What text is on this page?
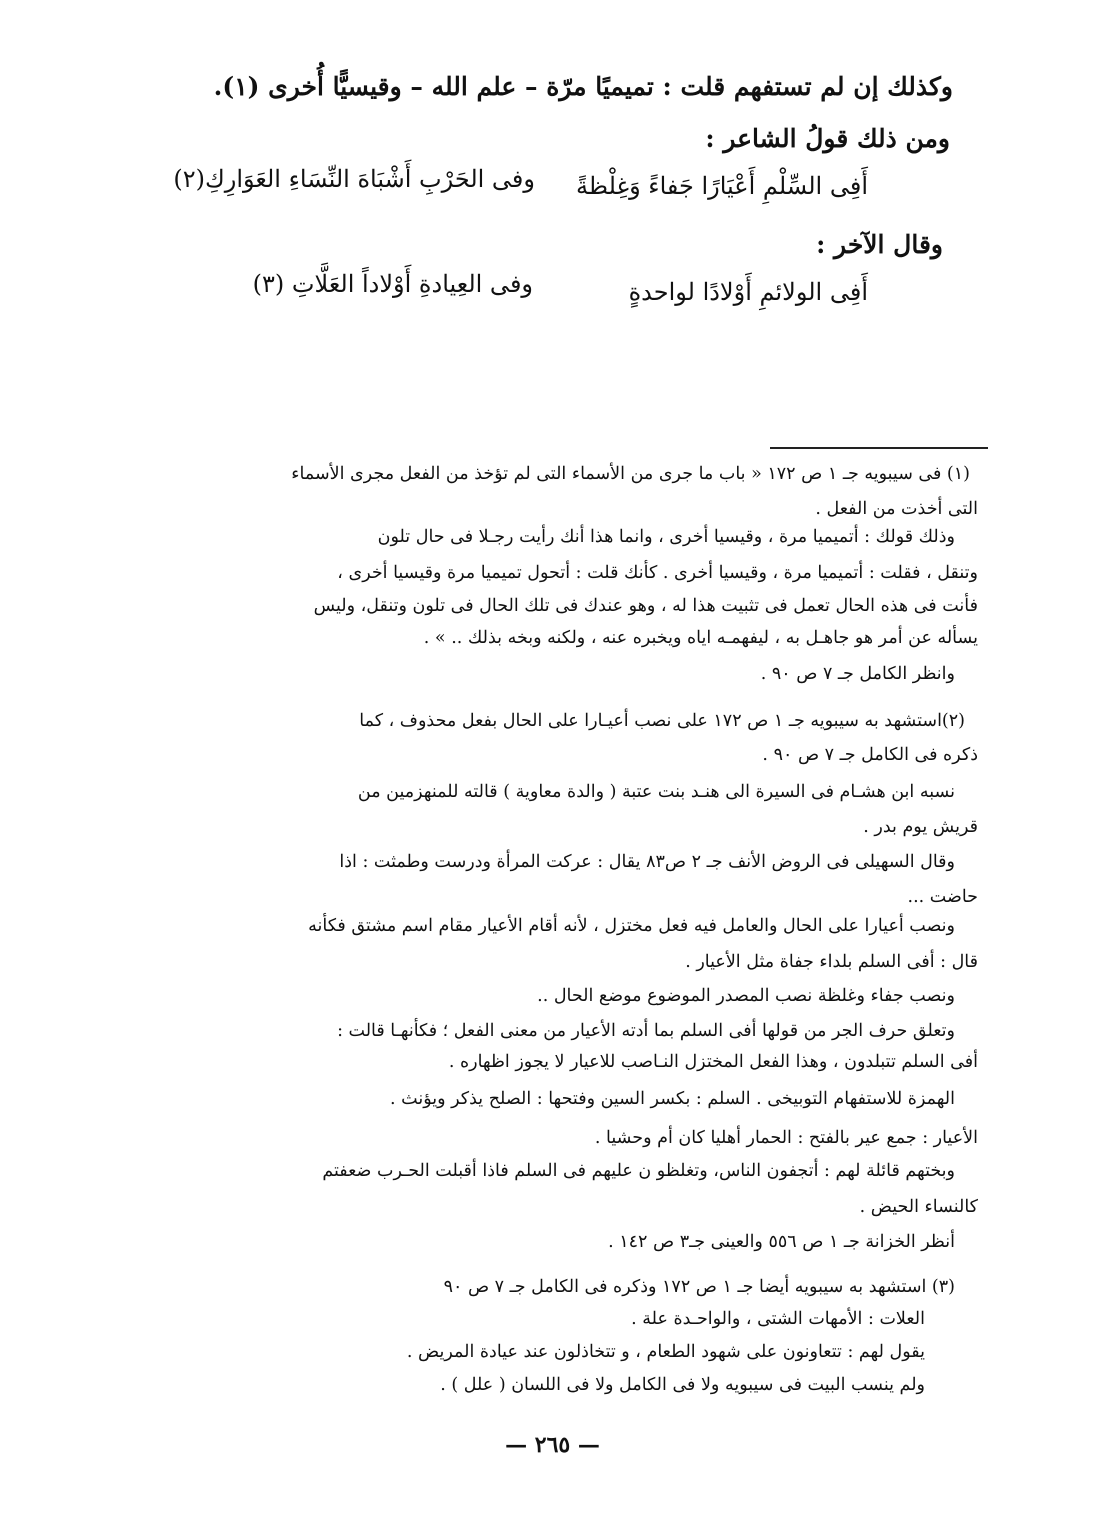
وكذلك إن لم تستفهم قلت : تميميًا مرّة – علم الله – وقيسيًّا أُخرى (١).
ومن ذلك قولُ الشاعر :
أَفِى السِّلْمِ أَعْيَارًا جَفاءً وَغِلْظةً
وفى الحَرْبِ أَشْبَاهَ النِّسَاءِ العَوَارِكِ(٢)
وقال الآخر :
أَفِى الولائمِ أَوْلادًا لواحدةٍ
وفى العِيادةِ أَوْلاداً العَلَّاتِ (٣)
(١) فى سيبويه جـ ١ ص ١٧٢ « باب ما جرى من الأسماء التى لم تؤخذ من الفعل مجرى الأسماء
التى أخذت من الفعل .
وذلك قولك : أتميميا مرة ، وقيسيا أخرى ، وانما هذا أنك رأيت رجـلا فى حال تلون
وتنقل ، فقلت : أتميميا مرة ، وقيسيا أخرى . كأنك قلت : أتحول تميميا مرة وقيسيا أخرى ،
فأنت فى هذه الحال تعمل فى تثبيت هذا له ، وهو عندك فى تلك الحال فى تلون وتنقل، وليس
يسأله عن أمر هو جاهـل به ، ليفهمـه اياه ويخبره عنه ، ولكنه وبخه بذلك .. » .
وانظر الكامل جـ ٧ ص ٩٠ .
(٢)استشهد به سيبويه جـ ١ ص ١٧٢ على نصب أعيـارا على الحال بفعل محذوف ، كما
ذكره فى الكامل جـ ٧ ص ٩٠ .
نسبه ابن هشـام فى السيرة الى هنـد بنت عتبة ( والدة معاوية ) قالته للمنهزمين من
قريش يوم بدر .
وقال السهيلى فى الروض الأنف جـ ٢ ص٨٣ يقال : عركت المرأة ودرست وطمثت : اذا
حاضت ...
ونصب أعيارا على الحال والعامل فيه فعل مختزل ، لأنه أقام الأعيار مقام اسم مشتق فكأنه
قال : أفى السلم بلداء جفاة مثل الأعيار .
ونصب جفاء وغلظة نصب المصدر الموضوع موضع الحال ..
وتعلق حرف الجر من قولها أفى السلم بما أدته الأعيار من معنى الفعل ؛ فكأنهـا قالت :
أفى السلم تتبلدون ، وهذا الفعل المختزل النـاصب للاعيار لا يجوز اظهاره .
الهمزة للاستفهام التوبيخى . السلم : بكسر السين وفتحها : الصلح يذكر ويؤنث .
الأعيار : جمع عير بالفتح : الحمار أهليا كان أم وحشيا .
وبختهم قائلة لهم : أتجفون الناس، وتغلظو ن عليهم فى السلم فاذا أقبلت الحـرب ضعفتم
كالنساء الحيض .
أنظر الخزانة جـ ١ ص ٥٥٦ والعينى جـ٣ ص ١٤٢ .
(٣) استشهد به سيبويه أيضا جـ ١ ص ١٧٢ وذكره فى الكامل جـ ٧ ص ٩٠
العلات : الأمهات الشتى ، والواحـدة علة .
يقول لهم : تتعاونون على شهود الطعام ، و تتخاذلون عند عيادة المريض .
ولم ينسب البيت فى سيبويه ولا فى الكامل ولا فى اللسان ( علل ) .
— ٢٦٥ —
